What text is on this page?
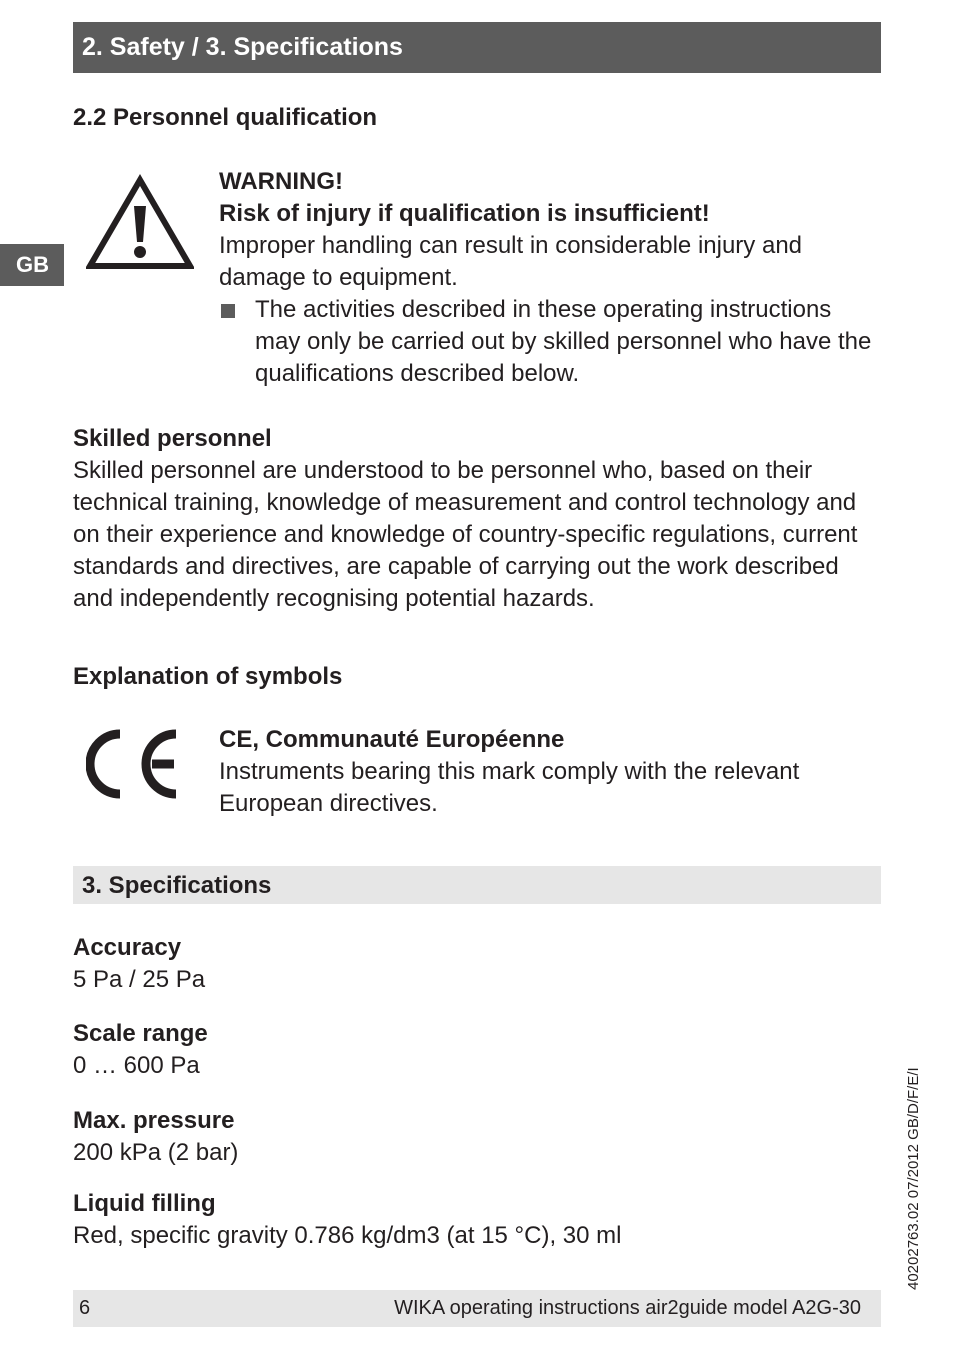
2. Safety / 3. Specifications
GB
2.2 Personnel qualification
WARNING!
Risk of injury if qualification is insufficient!
Improper handling can result in considerable injury and damage to equipment.
The activities described in these operating instructions may only be carried out by skilled personnel who have the qualifications described below.
Skilled personnel
Skilled personnel are understood to be personnel who, based on their technical training, knowledge of measurement and control technology and on their experience and knowledge of country-specific regulations, current standards and directives, are capable of carrying out the work described and independently recognising potential hazards.
Explanation of symbols
CE, Communauté Européenne
Instruments bearing this mark comply with the relevant European directives.
3. Specifications
Accuracy
5 Pa / 25 Pa
Scale range
0 … 600 Pa
Max. pressure
200 kPa (2 bar)
Liquid filling
Red, specific gravity 0.786 kg/dm3 (at 15 °C), 30 ml	40202763.02 07/2012 GB/D/F/E/I
6	WIKA operating instructions air2guide model A2G-30
